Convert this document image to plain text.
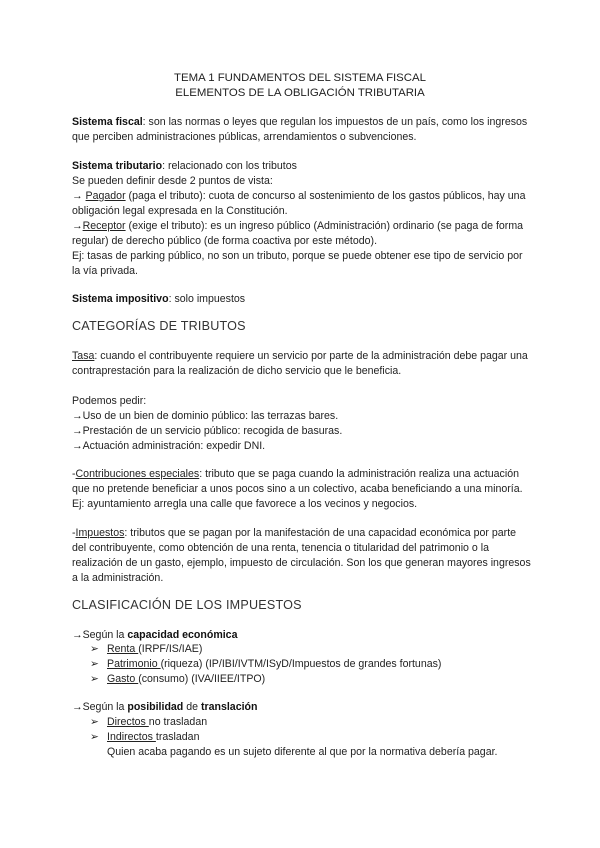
TEMA 1 FUNDAMENTOS DEL SISTEMA FISCAL

ELEMENTOS DE LA OBLIGACIÓN TRIBUTARIA

Sistema fiscal: son las normas o leyes que regulan los impuestos de un país, como los ingresos que perciben administraciones públicas, arrendamientos o subvenciones.

Sistema tributario: relacionado con los tributos

Se pueden definir desde 2 puntos de vista:

→ Pagador (paga el tributo): cuota de concurso al sostenimiento de los gastos públicos, hay una obligación legal expresada en la Constitución.

→Receptor (exige el tributo): es un ingreso público (Administración) ordinario (se paga de forma regular) de derecho público (de forma coactiva por este método).

Ej: tasas de parking público, no son un tributo, porque se puede obtener ese tipo de servicio por la vía privada.

Sistema impositivo: solo impuestos

CATEGORÍAS DE TRIBUTOS

Tasa: cuando el contribuyente requiere un servicio por parte de la administración debe pagar una contraprestación para la realización de dicho servicio que le beneficia.

Podemos pedir:

→Uso de un bien de dominio público: las terrazas bares.

→Prestación de un servicio público: recogida de basuras.

→Actuación administración: expedir DNI.

-Contribuciones especiales: tributo que se paga cuando la administración realiza una actuación que no pretende beneficiar a unos pocos sino a un colectivo, acaba beneficiando a una minoría. Ej: ayuntamiento arregla una calle que favorece a los vecinos y negocios.

-Impuestos: tributos que se pagan por la manifestación de una capacidad económica por parte del contribuyente, como obtención de una renta, tenencia o titularidad del patrimonio o la realización de un gasto, ejemplo, impuesto de circulación. Son los que generan mayores ingresos a la administración.

CLASIFICACIÓN DE LOS IMPUESTOS

→Según la capacidad económica

➢ Renta (IRPF/IS/IAE)

➢ Patrimonio (riqueza) (IP/IBI/IVTM/ISyD/Impuestos de grandes fortunas)

➢ Gasto (consumo) (IVA/IIEE/ITPO)

→Según la posibilidad de translación

➢ Directos no trasladan

➢ Indirectos trasladan

Quien acaba pagando es un sujeto diferente al que por la normativa debería pagar.
